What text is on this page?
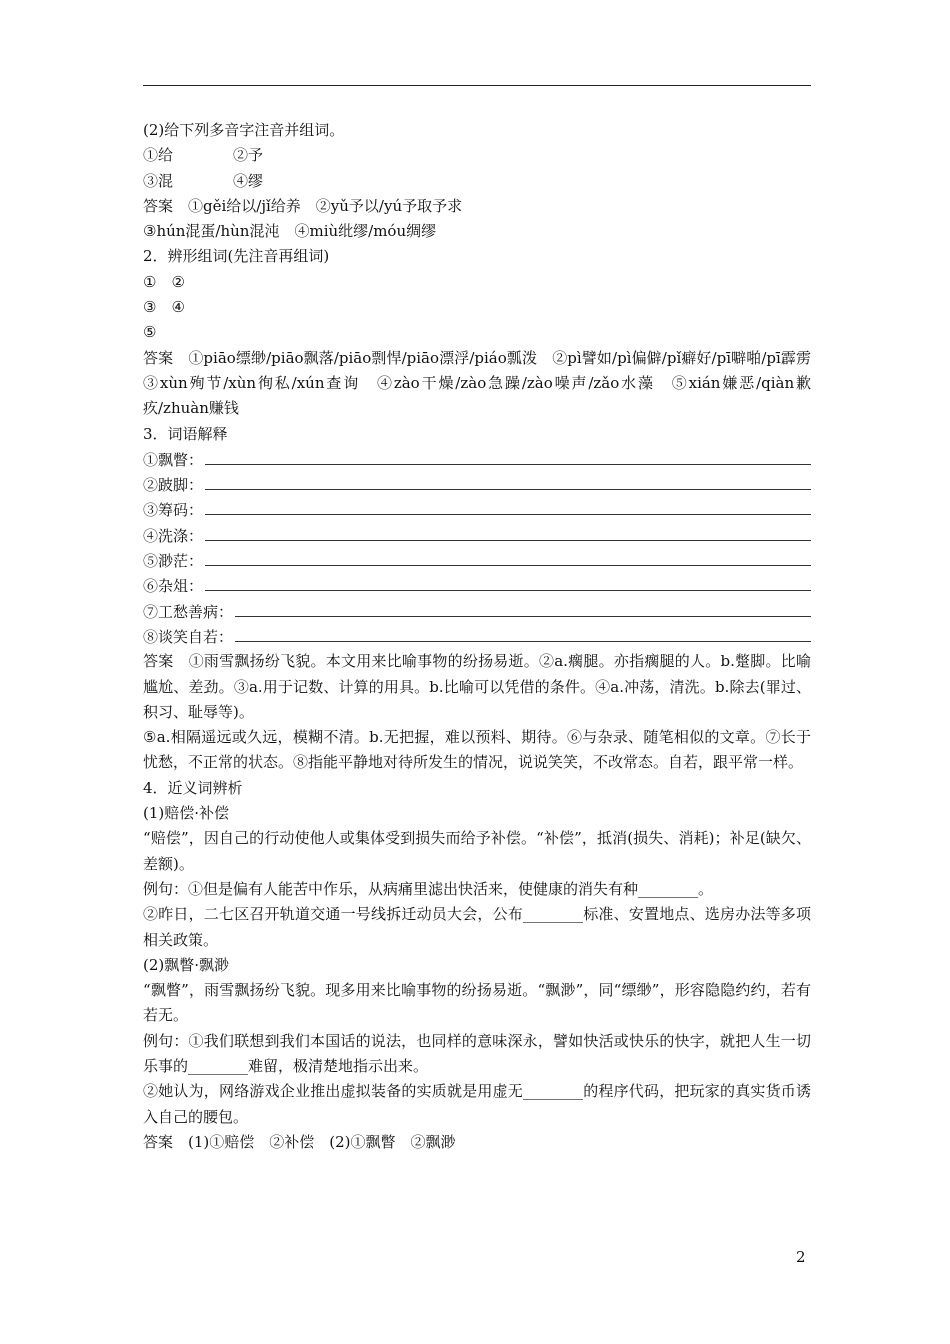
(2)给下列多音字注音并组词。
①给　　　　②予
③混　　　　④缪
答案　①gěi给以/jǐ给养　②yǔ予以/yú予取予求
③hún混蛋/hùn混沌　④miù纰缪/móu绸缪
2．辨形组词(先注音再组词)
①　②
③　④
⑤
答案　①piāo缥缈/piāo飘落/piāo剽悍/piāo漂浮/piáo瓢泼　②pì譬如/pì偏僻/pǐ癖好/pī噼啪/pī霹雳　③xùn殉节/xùn徇私/xún查询　④zào干燥/zào急躁/zào噪声/zǎo水藻　⑤xián嫌恶/qiàn歉疚/zhuàn赚钱
3．词语解释
①飘瞥：
②跛脚：
③筹码：
④洗涤：
⑤渺茫：
⑥杂俎：
⑦工愁善病：
⑧谈笑自若：
答案　①雨雪飘扬纷飞貌。本文用来比喻事物的纷扬易逝。②a.瘸腿。亦指瘸腿的人。b.蹩脚。比喻尴尬、差劲。③a.用于记数、计算的用具。b.比喻可以凭借的条件。④a.冲荡，清洗。b.除去(罪过、积习、耻辱等)。
⑤a.相隔遥远或久远，模糊不清。b.无把握，难以预料、期待。⑥与杂录、随笔相似的文章。⑦长于忧愁，不正常的状态。⑧指能平静地对待所发生的情况，说说笑笑，不改常态。自若，跟平常一样。
4．近义词辨析
(1)赔偿·补偿
“赔偿”，因自己的行动使他人或集体受到损失而给予补偿。“补偿”，抵消(损失、消耗)；补足(缺欠、差额)。
例句：①但是偏有人能苦中作乐，从病痛里滤出快活来，使健康的消失有种________。
②昨日，二七区召开轨道交通一号线拆迁动员大会，公布________标准、安置地点、选房办法等多项相关政策。
(2)飘瞥·飘渺
“飘瞥”，雨雪飘扬纷飞貌。现多用来比喻事物的纷扬易逝。“飘渺”，同“缥缈”，形容隐隐约约，若有若无。
例句：①我们联想到我们本国话的说法，也同样的意味深永，譬如快活或快乐的快字，就把人生一切乐事的________难留，极清楚地指示出来。
②她认为，网络游戏企业推出虚拟装备的实质就是用虚无________的程序代码，把玩家的真实货币诱入自己的腰包。
答案　(1)①赔偿　②补偿　(2)①飘瞥　②飘渺
2
